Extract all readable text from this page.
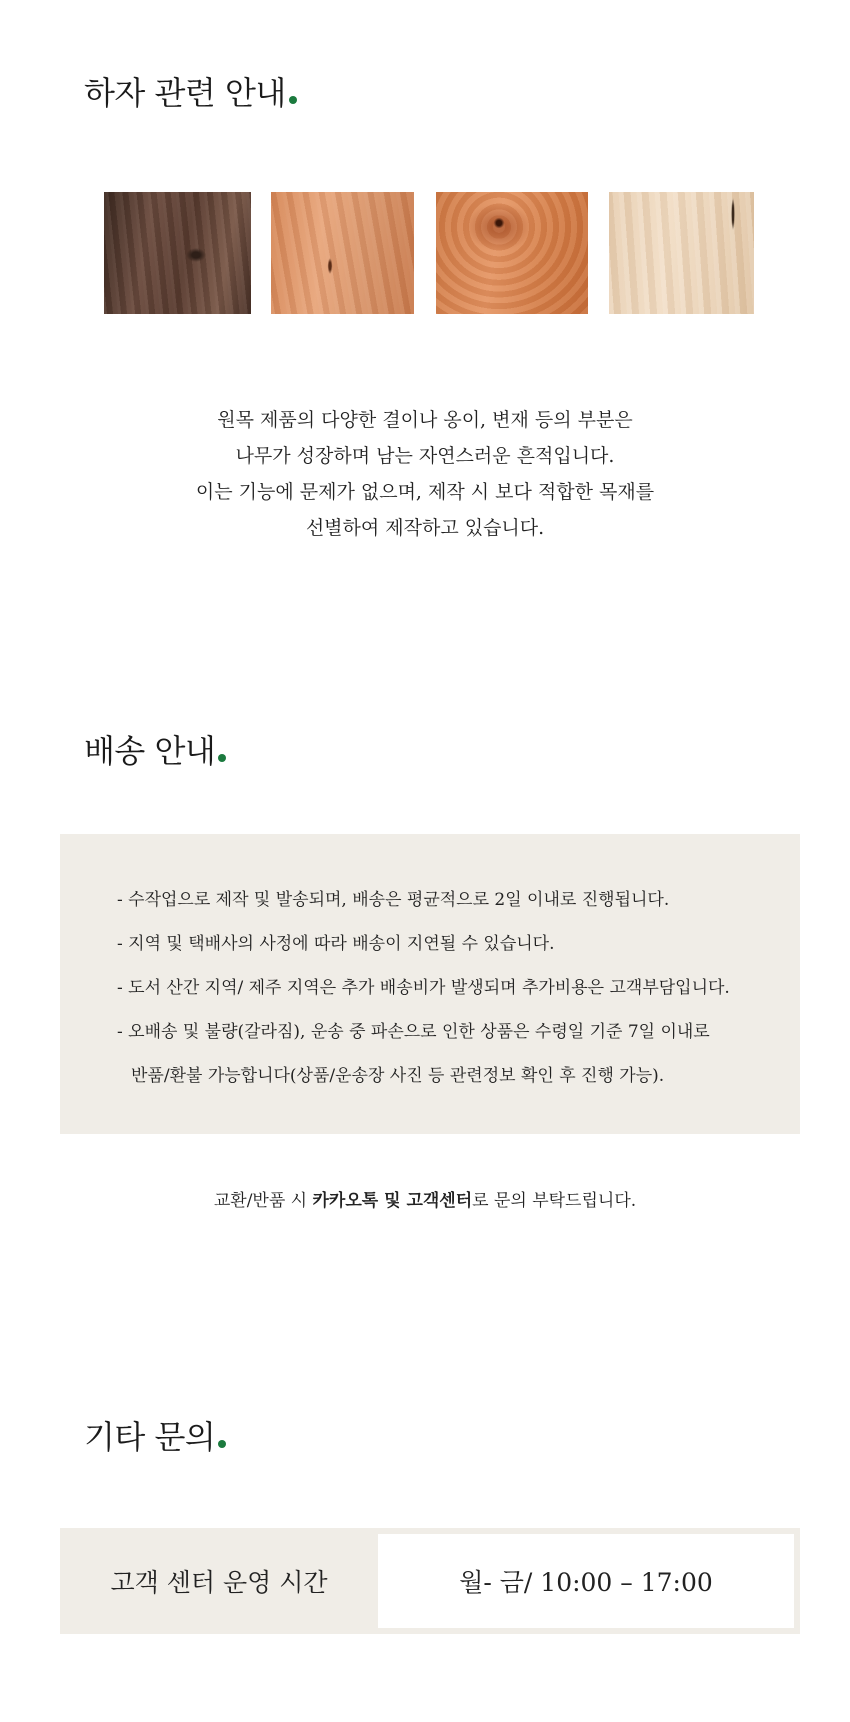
하자 관련 안내
원목 제품의 다양한 결이나 옹이, 변재 등의 부분은
나무가 성장하며 남는 자연스러운 흔적입니다.
이는 기능에 문제가 없으며, 제작 시 보다 적합한 목재를
선별하여 제작하고 있습니다.
배송 안내
- 수작업으로 제작 및 발송되며, 배송은 평균적으로 2일 이내로 진행됩니다.
- 지역 및 택배사의 사정에 따라 배송이 지연될 수 있습니다.
- 도서 산간 지역/ 제주 지역은 추가 배송비가 발생되며 추가비용은 고객부담입니다.
- 오배송 및 불량(갈라짐), 운송 중 파손으로 인한 상품은 수령일 기준 7일 이내로
반품/환불 가능합니다(상품/운송장 사진 등 관련정보 확인 후 진행 가능).
교환/반품 시 카카오톡 및 고객센터로 문의 부탁드립니다.
기타 문의
고객 센터 운영 시간	월- 금/ 10:00 – 17:00
